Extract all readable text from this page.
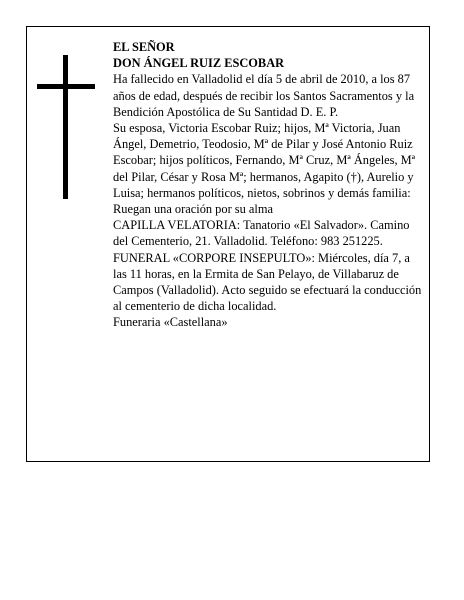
EL SEÑOR

DON ÁNGEL RUIZ ESCOBAR

Ha fallecido en Valladolid el día 5 de abril de 2010, a los 87 años de edad, después de recibir los Santos Sacramentos y la Bendición Apostólica de Su Santidad D. E. P.

Su esposa, Victoria Escobar Ruiz; hijos, Mª Victoria, Juan Ángel, Demetrio, Teodosio, Mª de Pilar y José Antonio Ruiz Escobar; hijos políticos, Fernando, Mª Cruz, Mª Ángeles, Mª del Pilar, César y Rosa Mª; hermanos, Agapito (†), Aurelio y Luisa; hermanos políticos, nietos, sobrinos y demás familia:

Ruegan una oración por su alma

CAPILLA VELATORIA: Tanatorio «El Salvador». Camino del Cementerio, 21. Valladolid. Teléfono: 983 251225.

FUNERAL «CORPORE INSEPULTO»: Miércoles, día 7, a las 11 horas, en la Ermita de San Pelayo, de Villabaruz de Campos (Valladolid). Acto seguido se efectuará la conducción al cementerio de dicha localidad.

Funeraria «Castellana»
